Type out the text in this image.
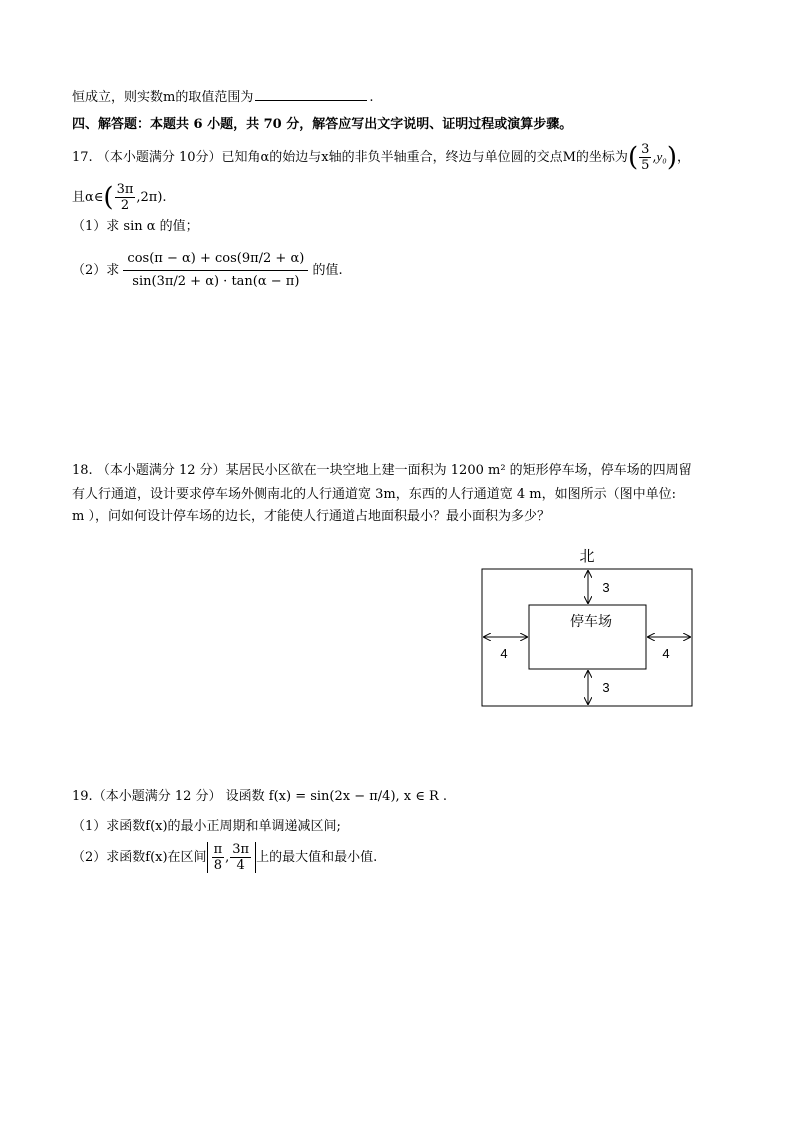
恒成立，则实数m的取值范围为	.
四、解答题：本题共 6 小题，共 70 分，解答应写出文字说明、证明过程或演算步骤。
17. （本小题满分 10分）已知角α的始边与x轴的非负半轴重合，终边与单位圆的交点M的坐标为( $\frac{3}{5} ,y_0$)，
且α∈( $\frac{3\pi}{2} ,2\pi$).
（1）求 sin α 的值；
（2）求 $\frac{\cos(\pi - \alpha) + \cos(9\pi/2 + \alpha)}{\sin(3\pi/2 + \alpha) \cdot \tan(\alpha - \pi)}$ 的值.
18. （本小题满分 12 分）某居民小区欲在一块空地上建一面积为 1200 m² 的矩形停车场，停车场的四周留
有人行通道，设计要求停车场外侧南北的人行通道宽 3m，东西的人行通道宽 4 m，如图所示（图中单位:
m ），问如何设计停车场的边长，才能使人行通道占地面积最小？最小面积为多少？
北
停车场
3
3
4	4
19.（本小题满分 12 分） 设函数 f(x) = sin(2x − π/4), x ∈ R .
（1）求函数f(x)的最小正周期和单调递减区间;
（2）求函数f(x)在区间 $\frac{\pi}{8}$ , $\frac{3\pi}{4}$ 上的最大值和最小值.
